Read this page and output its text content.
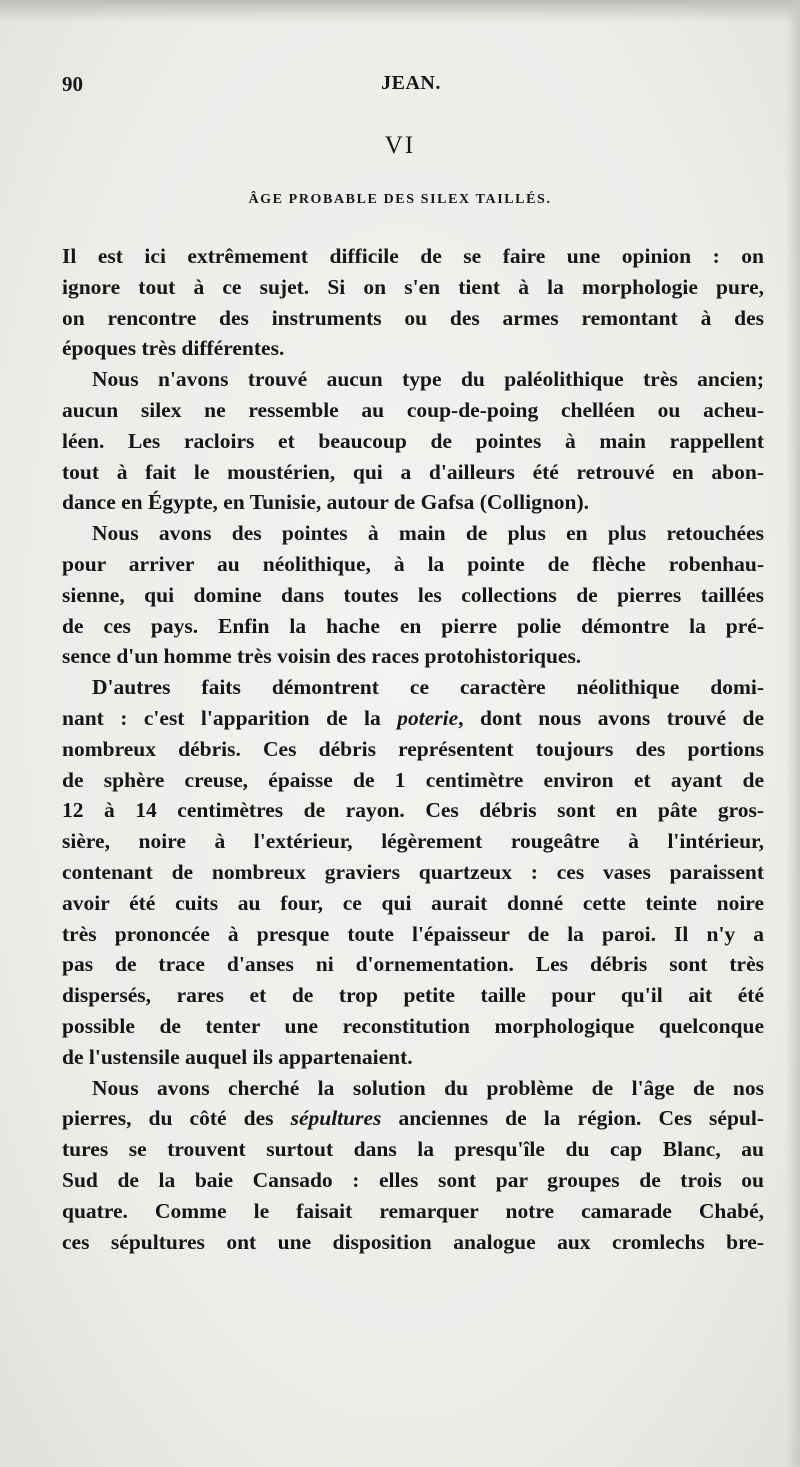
90	JEAN.
VI
ÂGE PROBABLE DES SILEX TAILLÉS.
Il est ici extrêmement difficile de se faire une opinion : on
ignore tout à ce sujet. Si on s'en tient à la morphologie pure,
on rencontre des instruments ou des armes remontant à des
époques très différentes.
Nous n'avons trouvé aucun type du paléolithique très ancien;
aucun silex ne ressemble au coup-de-poing chelléen ou acheu-
léen. Les racloirs et beaucoup de pointes à main rappellent
tout à fait le moustérien, qui a d'ailleurs été retrouvé en abon-
dance en Égypte, en Tunisie, autour de Gafsa (Collignon).
Nous avons des pointes à main de plus en plus retouchées
pour arriver au néolithique, à la pointe de flèche robenhau-
sienne, qui domine dans toutes les collections de pierres taillées
de ces pays. Enfin la hache en pierre polie démontre la pré-
sence d'un homme très voisin des races protohistoriques.
D'autres faits démontrent ce caractère néolithique domi-
nant : c'est l'apparition de la poterie, dont nous avons trouvé de
nombreux débris. Ces débris représentent toujours des portions
de sphère creuse, épaisse de 1 centimètre environ et ayant de
12 à 14 centimètres de rayon. Ces débris sont en pâte gros-
sière, noire à l'extérieur, légèrement rougeâtre à l'intérieur,
contenant de nombreux graviers quartzeux : ces vases paraissent
avoir été cuits au four, ce qui aurait donné cette teinte noire
très prononcée à presque toute l'épaisseur de la paroi. Il n'y a
pas de trace d'anses ni d'ornementation. Les débris sont très
dispersés, rares et de trop petite taille pour qu'il ait été
possible de tenter une reconstitution morphologique quelconque
de l'ustensile auquel ils appartenaient.
Nous avons cherché la solution du problème de l'âge de nos
pierres, du côté des sépultures anciennes de la région. Ces sépul-
tures se trouvent surtout dans la presqu'île du cap Blanc, au
Sud de la baie Cansado : elles sont par groupes de trois ou
quatre. Comme le faisait remarquer notre camarade Chabé,
ces sépultures ont une disposition analogue aux cromlechs bre-
